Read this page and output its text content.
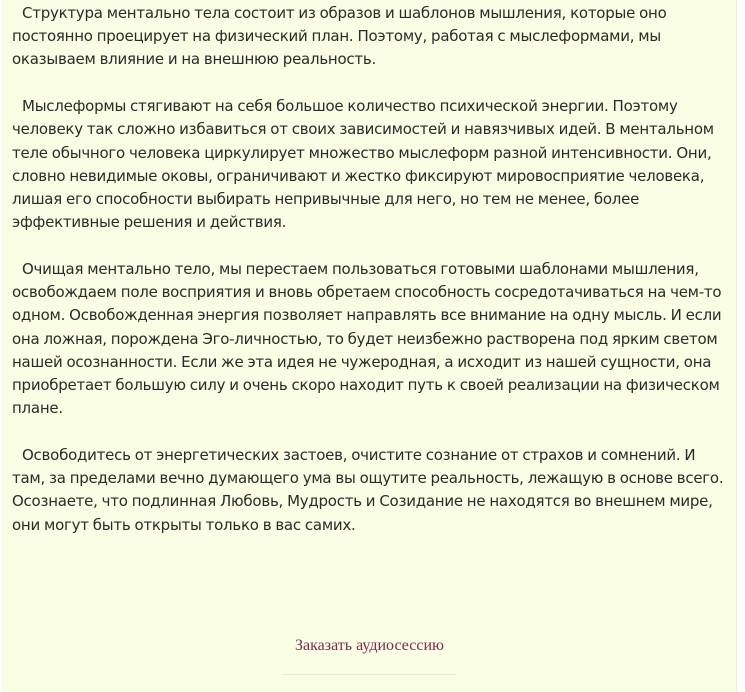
Структура ментально тела состоит из образов и шаблонов мышления, которые оно постоянно проецирует на физический план. Поэтому, работая с мыслеформами, мы оказываем влияние и на внешнюю реальность.

Мыслеформы стягивают на себя большое количество психической энергии. Поэтому человеку так сложно избавиться от своих зависимостей и навязчивых идей. В ментальном теле обычного человека циркулирует множество мыслеформ разной интенсивности. Они, словно невидимые оковы, ограничивают и жестко фиксируют мировосприятие человека, лишая его способности выбирать непривычные для него, но тем не менее, более эффективные решения и действия.

Очищая ментально тело, мы перестаем пользоваться готовыми шаблонами мышления, освобождаем поле восприятия и вновь обретаем способность сосредотачиваться на чем-то одном. Освобожденная энергия позволяет направлять все внимание на одну мысль. И если она ложная, порождена Эго-личностью, то будет неизбежно растворена под ярким светом нашей осознанности. Если же эта идея не чужеродная, а исходит из нашей сущности, она приобретает большую силу и очень скоро находит путь к своей реализации на физическом плане.

Освободитесь от энергетических застоев, очистите сознание от страхов и сомнений. И там, за пределами вечно думающего ума вы ощутите реальность, лежащую в основе всего. Осознаете, что подлинная Любовь, Мудрость и Созидание не находятся во внешнем мире, они могут быть открыты только в вас самих.

Заказать аудиосессию
